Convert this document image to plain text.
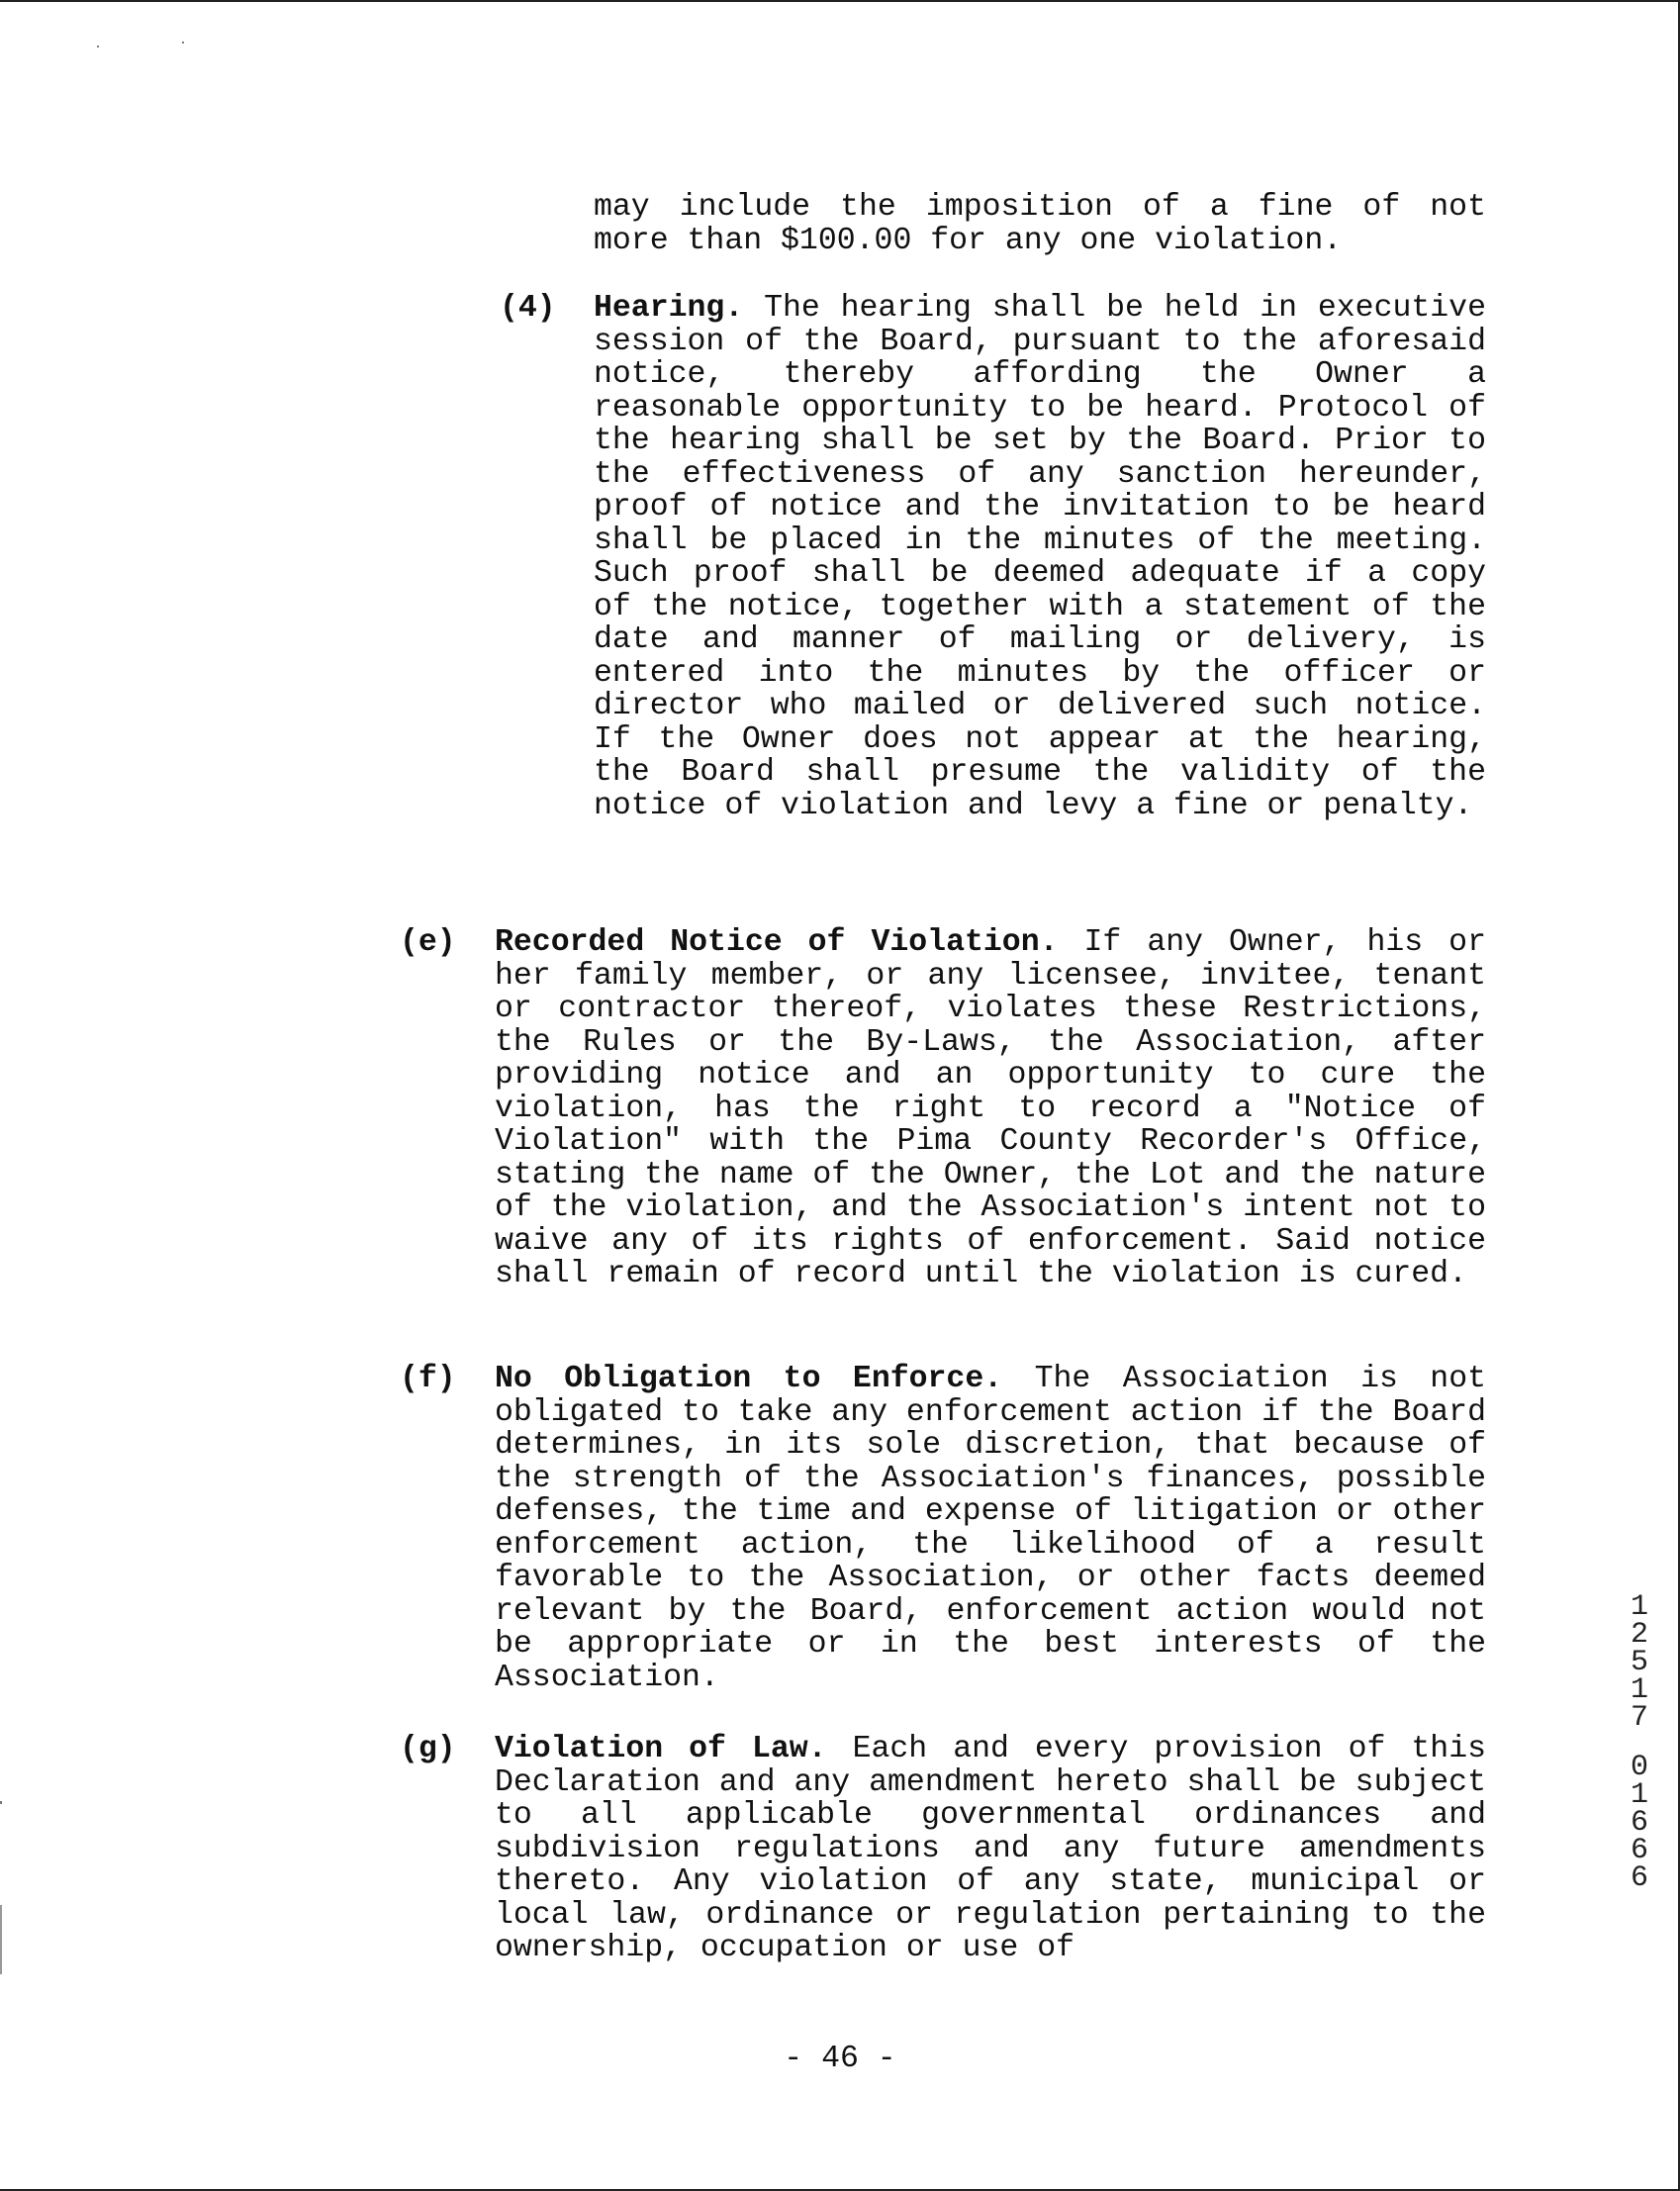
may include the imposition of a fine of not more than $100.00 for any one violation.
(4) Hearing. The hearing shall be held in executive session of the Board, pursuant to the aforesaid notice, thereby affording the Owner a reasonable opportunity to be heard. Protocol of the hearing shall be set by the Board. Prior to the effectiveness of any sanction hereunder, proof of notice and the invitation to be heard shall be placed in the minutes of the meeting. Such proof shall be deemed adequate if a copy of the notice, together with a statement of the date and manner of mailing or delivery, is entered into the minutes by the officer or director who mailed or delivered such notice. If the Owner does not appear at the hearing, the Board shall presume the validity of the notice of violation and levy a fine or penalty.
(e) Recorded Notice of Violation. If any Owner, his or her family member, or any licensee, invitee, tenant or contractor thereof, violates these Restrictions, the Rules or the By-Laws, the Association, after providing notice and an opportunity to cure the violation, has the right to record a "Notice of Violation" with the Pima County Recorder's Office, stating the name of the Owner, the Lot and the nature of the violation, and the Association's intent not to waive any of its rights of enforcement. Said notice shall remain of record until the violation is cured.
(f) No Obligation to Enforce. The Association is not obligated to take any enforcement action if the Board determines, in its sole discretion, that because of the strength of the Association's finances, possible defenses, the time and expense of litigation or other enforcement action, the likelihood of a result favorable to the Association, or other facts deemed relevant by the Board, enforcement action would not be appropriate or in the best interests of the Association.
(g) Violation of Law. Each and every provision of this Declaration and any amendment hereto shall be subject to all applicable governmental ordinances and subdivision regulations and any future amendments thereto. Any violation of any state, municipal or local law, ordinance or regulation pertaining to the ownership, occupation or use of
1
2
5
1
7
0
1
6
6
6
- 46 -
